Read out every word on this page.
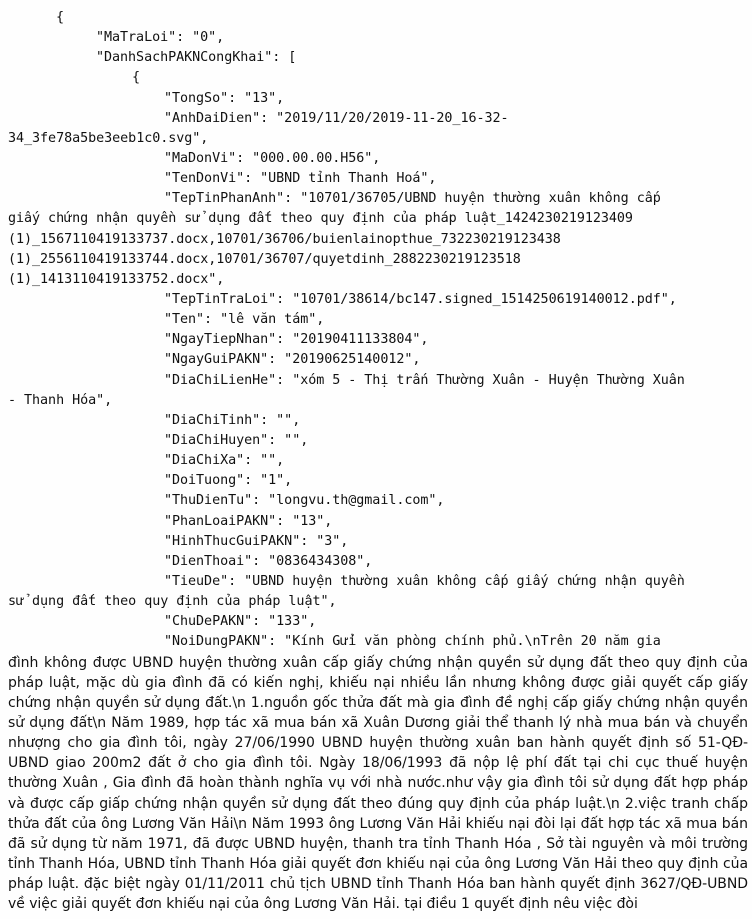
{
"MaTraLoi": "0",
"DanhSachPAKNCongKhai": [
{
"TongSo": "13",
"AnhDaiDien": "2019/11/20/2019-11-20_16-32-
34_3fe78a5be3eeb1c0.svg",
"MaDonVi": "000.00.00.H56",
"TenDonVi": "UBND tỉnh Thanh Hoá",
"TepTinPhanAnh": "10701/36705/UBND huyện thường xuân không cấp
giấy chứng nhận quyền sử dụng đất theo quy định của pháp luật_1424230219123409
(1)_1567110419133737.docx,10701/36706/buienlainopthue_732230219123438
(1)_2556110419133744.docx,10701/36707/quyetdinh_2882230219123518
(1)_1413110419133752.docx",
"TepTinTraLoi": "10701/38614/bc147.signed_1514250619140012.pdf",
"Ten": "lê văn tám",
"NgayTiepNhan": "20190411133804",
"NgayGuiPAKN": "20190625140012",
"DiaChiLienHe": "xóm 5 - Thị trấn Thường Xuân - Huyện Thường Xuân
- Thanh Hóa",
"DiaChiTinh": "",
"DiaChiHuyen": "",
"DiaChiXa": "",
"DoiTuong": "1",
"ThuDienTu": "longvu.th@gmail.com",
"PhanLoaiPAKN": "13",
"HinhThucGuiPAKN": "3",
"DienThoai": "0836434308",
"TieuDe": "UBND huyện thường xuân không cấp giấy chứng nhận quyền
sử dụng đất theo quy định của pháp luật",
"ChuDePAKN": "133",
"NoiDungPAKN": "Kính Gửi văn phòng chính phủ.\nTrên 20 năm gia
đình không được UBND huyện thường xuân cấp giấy chứng nhận quyền sử dụng đất theo quy định của pháp luật, mặc dù gia đình đã có kiến nghị, khiếu nại nhiều lần nhưng không được giải quyết cấp giấy chứng nhận quyền sử dụng đất.\n 1.nguồn gốc thửa đất mà gia đình đề nghị cấp giấy chứng nhận quyền sử dụng đất\n Năm 1989, hợp tác xã mua bán xã Xuân Dương giải thể thanh lý nhà mua bán và chuyển nhượng cho gia đình tôi, ngày 27/06/1990 UBND huyện thường xuân ban hành quyết định số 51-QĐ-UBND giao 200m2 đất ở cho gia đình tôi. Ngày 18/06/1993 đã nộp lệ phí đất tại chi cục thuế huyện thường Xuân , Gia đình đã hoàn thành nghĩa vụ với nhà nước.như vậy gia đình tôi sử dụng đất hợp pháp và được cấp giấp chứng nhận quyền sử dụng đất theo đúng quy định của pháp luật.\n 2.việc tranh chấp thửa đất của ông Lương Văn Hải\n Năm 1993 ông Lương Văn Hải khiếu nại đòi lại đất hợp tác xã mua bán đã sử dụng từ năm 1971, đã được UBND huyện, thanh tra tỉnh Thanh Hóa , Sở tài nguyên và môi trường tỉnh Thanh Hóa, UBND tỉnh Thanh Hóa giải quyết đơn khiếu nại của ông Lương Văn Hải theo quy định của pháp luật. đặc biệt ngày 01/11/2011 chủ tịch UBND tỉnh Thanh Hóa ban hành quyết định 3627/QĐ-UBND về việc giải quyết đơn khiếu nại của ông Lương Văn Hải. tại điều 1 quyết định nêu việc đòi
